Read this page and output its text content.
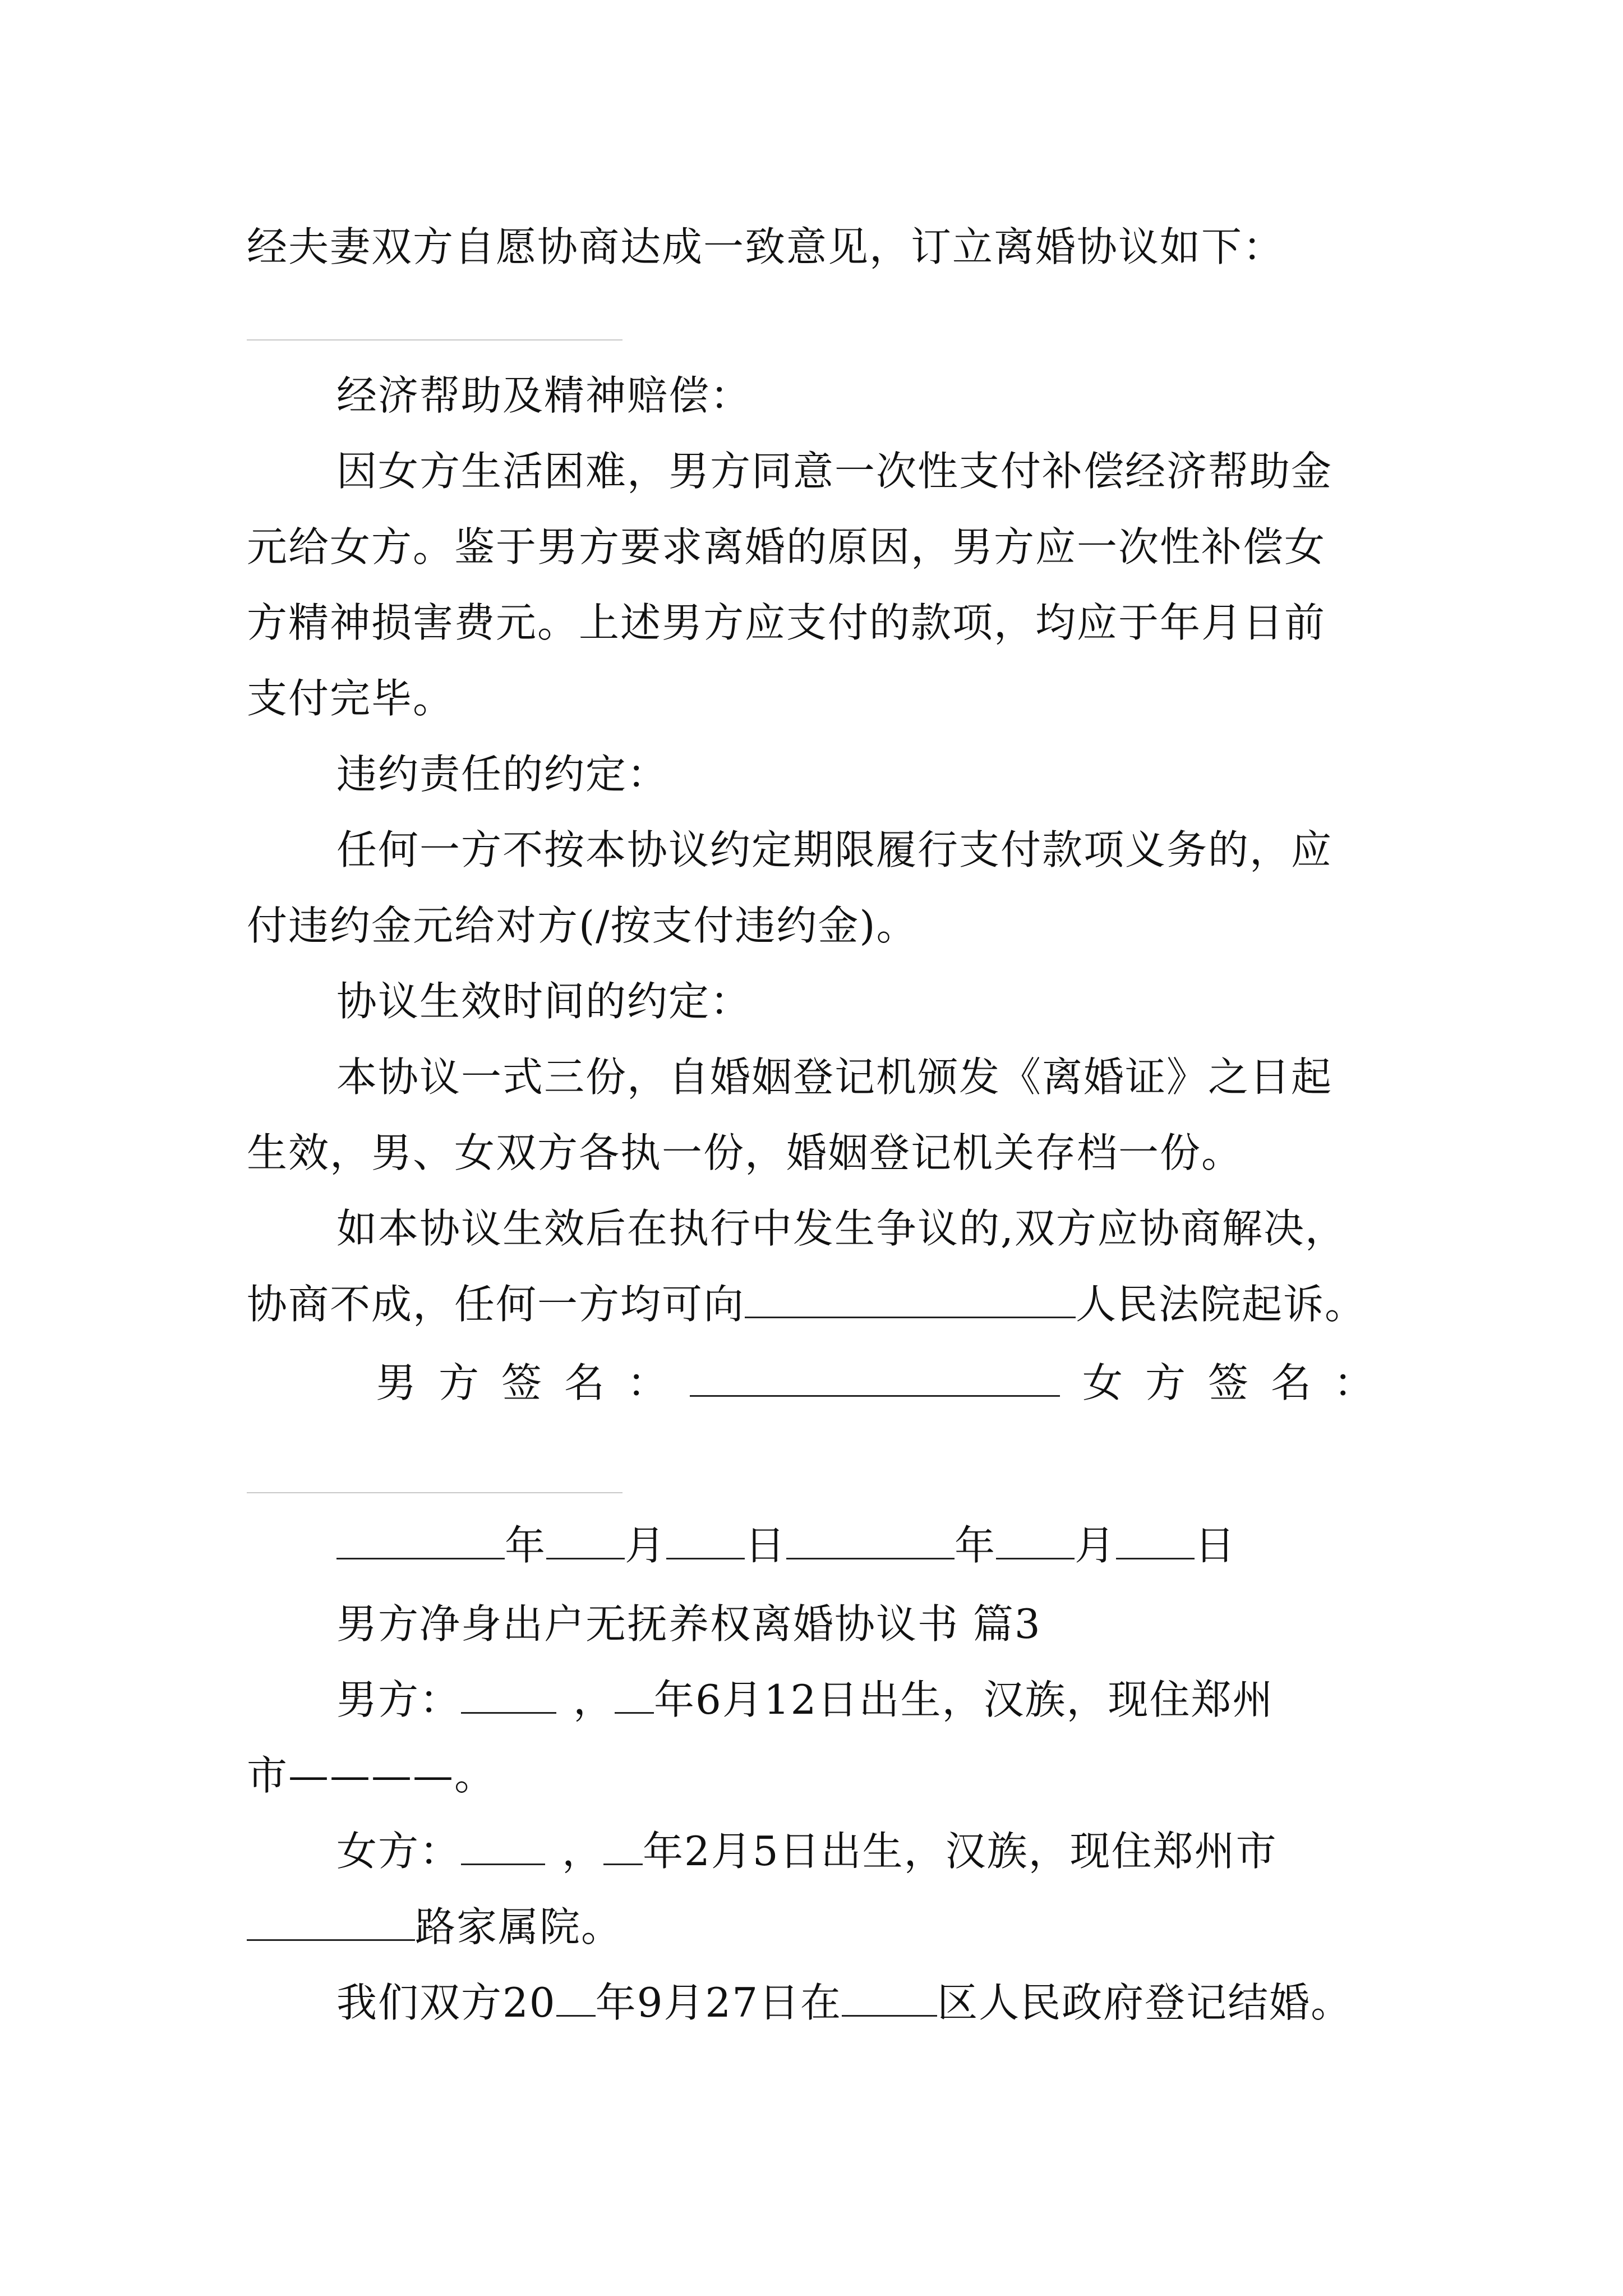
经夫妻双方自愿协商达成一致意见，订立离婚协议如下：
经济帮助及精神赔偿：
因女方生活困难，男方同意一次性支付补偿经济帮助金
元给女方。鉴于男方要求离婚的原因，男方应一次性补偿女
方精神损害费元。上述男方应支付的款项，均应于年月日前
支付完毕。
违约责任的约定：
任何一方不按本协议约定期限履行支付款项义务的，应
付违约金元给对方(/按支付违约金)。
协议生效时间的约定：
本协议一式三份，自婚姻登记机颁发《离婚证》之日起
生效，男、女双方各执一份，婚姻登记机关存档一份。
如本协议生效后在执行中发生争议的,双方应协商解决，
协商不成，任何一方均可向	人民法院起诉。
男方签名：	女方签名：
年 月 日	年 月 日
男方净身出户无抚养权离婚协议书 篇3
男方：	， 年6月12日出生，汉族，现住郑州
市————。
女方：	， 年2月5日出生，汉族，现住郑州市
路家属院。
我们双方20 年9月27日在 区人民政府登记结婚。
